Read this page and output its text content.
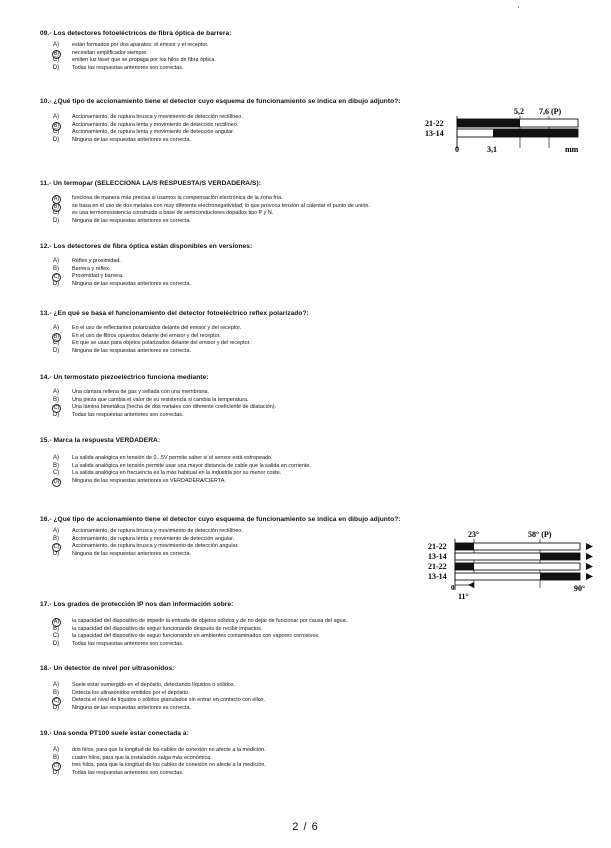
09.- Los detectores fotoeléctricos de fibra óptica de barrera:
A) están formados por dos aparatos: el emisor y el receptor.
B)	necesitan amplificador siempre.
C) emiten luz láser que se propaga por los hilos de fibra óptica.
D) Todas las respuestas anteriores son correctas.
10.- ¿Qué tipo de accionamiento tiene el detector cuyo esquema de funcionamiento se indica en dibujo adjunto?:
A) Accionamiento, de ruptura brusca y movimiento de detección rectilíneo.
B)	Accionamiento, de ruptura lenta y movimiento de detección rectilíneo.
C) Accionamiento, de ruptura lenta y movimiento de detección angular.
D) Ninguna de las respuestas anteriores es correcta.
5,2 7,6 (P)
21-22
13-14
0	3,1	mm
11.- Un termopar (SELECCIONA LA/S RESPUESTA/S VERDADERA/S):
A)	funciona de manera más precisa si usamos la compensación electrónica de la zona fría.
B)	se basa en el uso de dos metales con muy diferente electronegatividad, lo que provoca tensión al calentar el punto de unión.
C) es una termorresistencia construida a base de semiconductores dopados tipo P y N.
D) Ninguna de las respuestas anteriores es correcta.
12.- Los detectores de fibra óptica están disponibles en versiones:
A) Réflex y proximidad.
B) Barrera y réflex.
C)	Proximidad y barrera.
D) Ninguna de las respuestas anteriores es correcta.
13.- ¿En qué se basa el funcionamiento del detector fotoeléctrico reflex polarizado?:
A) En el uso de reflectantes polarizados delante del emisor y del receptor.
B)	En el uso de filtros opuestos delante del emisor y del receptor.
C) En que se usan para objetos polarizados delante del emisor y del receptor.
D) Ninguna de las respuestas anteriores es correcta.
14.- Un termostato piezoeléctrico funciona mediante:
A) Una cámara rellena de gas y sellada con una membrana.
B) Una pieza que cambia el valor de su resistencia si cambia la temperatura.
C)	Una lámina bimetálica (hecha de dos metales con diferente coeficiente de dilatación).
D) Todas las respuestas anteriores son correctas.
15.- Marca la respuesta VERDADERA:
A) La salida analógica en tensión de 0...5V permite saber si el sensor está estropeado.
B) La salida analógica en tensión permite usar una mayor distancia de cable que la salida en corriente.
C) La salida analógica en frecuencia es la más habitual en la industria por su menor coste.
D)	Ninguna de las respuestas anteriores es VERDADERA/CIERTA.
16.- ¿Qué tipo de accionamiento tiene el detector cuyo esquema de funcionamiento se indica en dibujo adjunto?:
A) Accionamiento, de ruptura brusca y movimiento de detección rectilíneo.
B) Accionamiento, de ruptura lenta y movimiento de detección angular.
C)	Accionamiento, de ruptura brusca y movimiento de detección angular.
D) Ninguna de las respuestas anteriores es correcta.
23°	58° (P)
21-22
13-14
21-22
13-14
0
11°
90°
17.- Los grados de protección IP nos dan información sobre:
A)	la capacidad del dispositivo de impedir la entrada de objetos sólidos y de no dejar de funcionar por causa del agua.
B) la capacidad del dispositivo de seguir funcionando después de recibir impactos.
C) la capacidad del dispositivo de seguir funcionando en ambientes contaminados con vapores corrosivos.
D) Todas las respuestas anteriores son correctas.
18.- Un detector de nivel por ultrasonidos:
A) Suele estar sumergido en el depósito, detectando líquidos o sólidos.
B) Detecta los ultrasonidos emitidos por el depósito.
C)	Detecta el nivel de líquidos o sólidos granulados sin entrar en contacto con ellos.
D) Ninguna de las respuestas anteriores es correcta.
19.- Una sonda PT100 suele estar conectada a:
A) dos hilos, para que la longitud de los cables de conexión no afecte a la medición.
B) cuatro hilos, para que la instalación salga más económica.
C)	tres hilos, para que la longitud de los cables de conexión no afecte a la medición.
D) Todas las respuestas anteriores son correctas.
2 / 6
